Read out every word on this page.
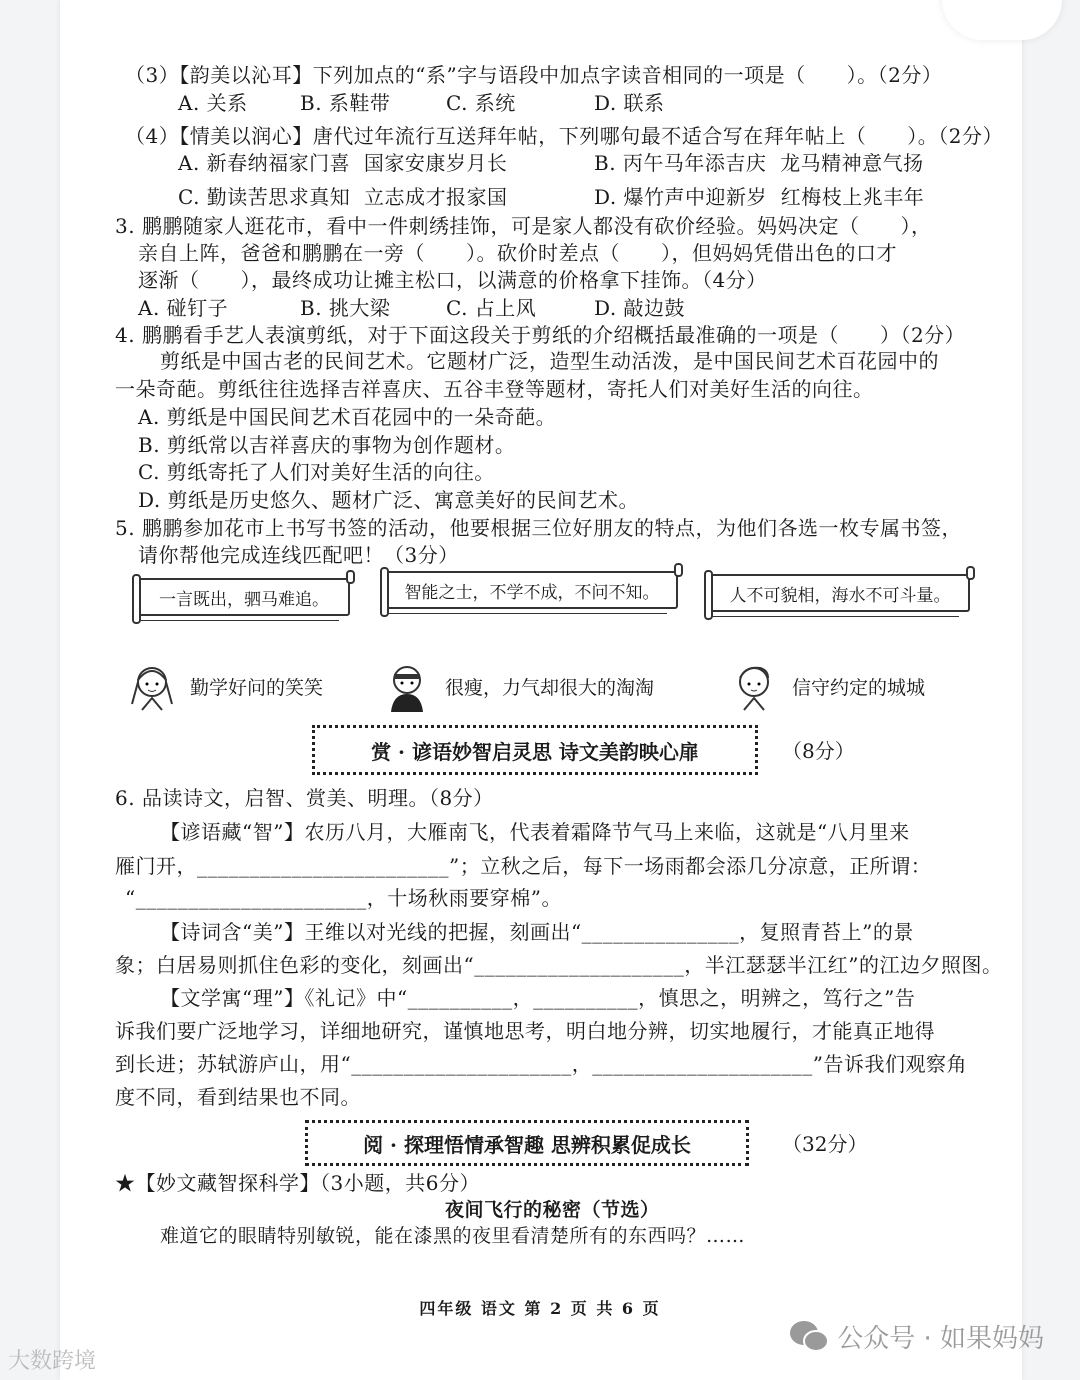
（3）【韵美以沁耳】下列加点的“系”字与语段中加点字读音相同的一项是（　　）。（2分）
A. 关系	B. 系鞋带	C. 系统	D. 联系
（4）【情美以润心】唐代过年流行互送拜年帖，下列哪句最不适合写在拜年帖上（　　）。（2分）
A. 新春纳福家门喜  国家安康岁月长	B. 丙午马年添吉庆  龙马精神意气扬
C. 勤读苦思求真知  立志成才报家国	D. 爆竹声中迎新岁  红梅枝上兆丰年
3. 鹏鹏随家人逛花市，看中一件刺绣挂饰，可是家人都没有砍价经验。妈妈决定（　　），
亲自上阵，爸爸和鹏鹏在一旁（　　）。砍价时差点（　　），但妈妈凭借出色的口才
逐渐（　　），最终成功让摊主松口，以满意的价格拿下挂饰。（4分）
A. 碰钉子	B. 挑大梁	C. 占上风	D. 敲边鼓
4. 鹏鹏看手艺人表演剪纸，对于下面这段关于剪纸的介绍概括最准确的一项是（　　）（2分）
剪纸是中国古老的民间艺术。它题材广泛，造型生动活泼，是中国民间艺术百花园中的
一朵奇葩。剪纸往往选择吉祥喜庆、五谷丰登等题材，寄托人们对美好生活的向往。
A. 剪纸是中国民间艺术百花园中的一朵奇葩。
B. 剪纸常以吉祥喜庆的事物为创作题材。
C. 剪纸寄托了人们对美好生活的向往。
D. 剪纸是历史悠久、题材广泛、寓意美好的民间艺术。
5. 鹏鹏参加花市上书写书签的活动，他要根据三位好朋友的特点，为他们各选一枚专属书签，
请你帮他完成连线匹配吧！（3分）
6. 品读诗文，启智、赏美、明理。（8分）
【谚语藏“智”】农历八月，大雁南飞，代表着霜降节气马上来临，这就是“八月里来
雁门开，________________________”；立秋之后，每下一场雨都会添几分凉意，正所谓：
“______________________，十场秋雨要穿棉”。
【诗词含“美”】王维以对光线的把握，刻画出“_______________，复照青苔上”的景
象；白居易则抓住色彩的变化，刻画出“____________________，半江瑟瑟半江红”的江边夕照图。
【文学寓“理”】《礼记》中“__________，__________，慎思之，明辨之，笃行之”告
诉我们要广泛地学习，详细地研究，谨慎地思考，明白地分辨，切实地履行，才能真正地得
到长进；苏轼游庐山，用“_____________________，_____________________”告诉我们观察角
度不同，看到结果也不同。
★【妙文藏智探科学】（3小题，共6分）
夜间飞行的秘密（节选）
难道它的眼睛特别敏锐，能在漆黑的夜里看清楚所有的东西吗？……
一言既出，驷马难追。	智能之士，不学不成，不问不知。	人不可貌相，海水不可斗量。
勤学好问的笑笑	很瘦，力气却很大的淘淘	信守约定的城城
赏 · 谚语妙智启灵思 诗文美韵映心扉	（8分）
阅 · 探理悟情承智趣 思辨积累促成长	（32分）
四年级 语文 第 2 页 共 6 页
公众号 · 如果妈妈
大数跨境
